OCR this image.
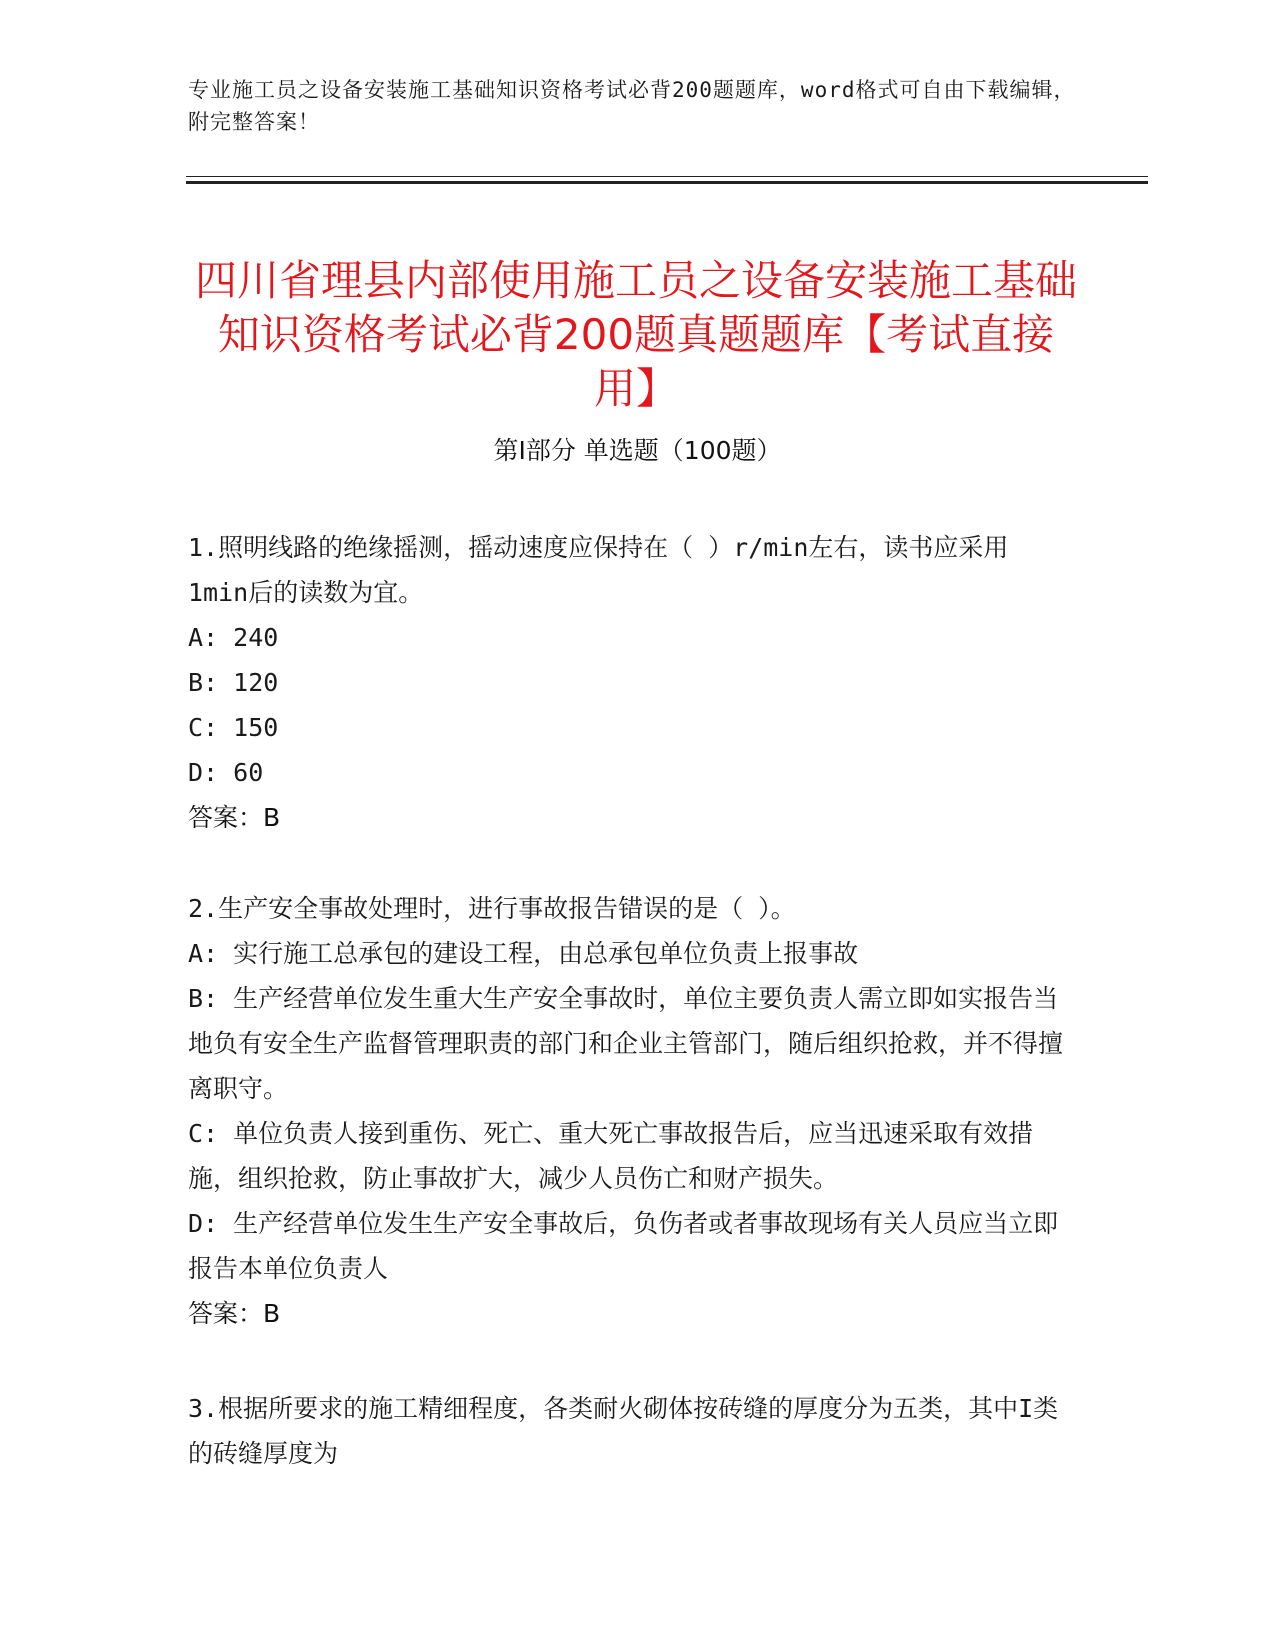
专业施工员之设备安装施工基础知识资格考试必背200题题库，word格式可自由下载编辑，附完整答案！
四川省理县内部使用施工员之设备安装施工基础知识资格考试必背200题真题题库【考试直接用】
第I部分 单选题（100题）
1.照明线路的绝缘摇测，摇动速度应保持在（ ）r/min左右，读书应采用1min后的读数为宜。
A: 240
B: 120
C: 150
D: 60
答案：B
2.生产安全事故处理时，进行事故报告错误的是（ ）。
A: 实行施工总承包的建设工程，由总承包单位负责上报事故
B: 生产经营单位发生重大生产安全事故时，单位主要负责人需立即如实报告当地负有安全生产监督管理职责的部门和企业主管部门，随后组织抢救，并不得擅离职守。
C: 单位负责人接到重伤、死亡、重大死亡事故报告后，应当迅速采取有效措施，组织抢救，防止事故扩大，减少人员伤亡和财产损失。
D: 生产经营单位发生生产安全事故后，负伤者或者事故现场有关人员应当立即报告本单位负责人
答案：B
3.根据所要求的施工精细程度，各类耐火砌体按砖缝的厚度分为五类，其中I类的砖缝厚度为
